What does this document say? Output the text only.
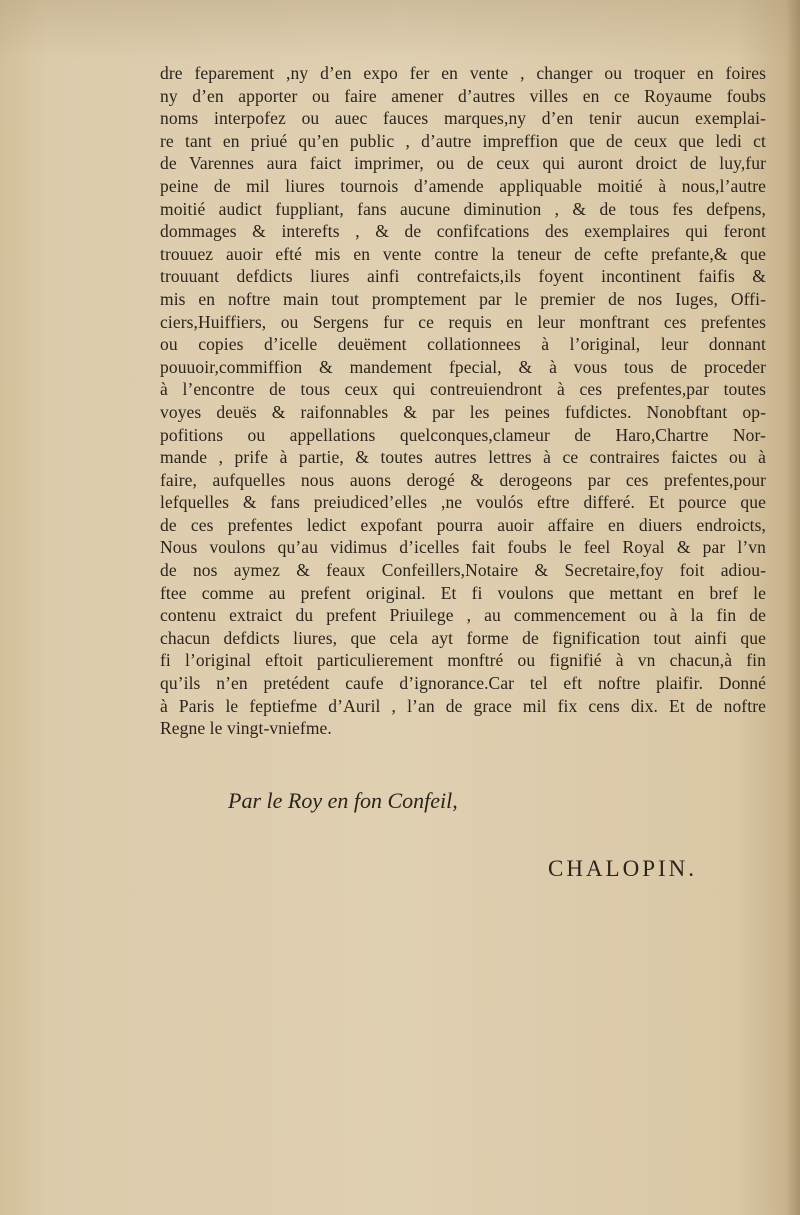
dre feparement ,ny d’en expo fer en vente , changer ou troquer en foires
ny d’en apporter ou faire amener d’autres villes en ce Royaume foubs
noms interpofez ou auec fauces marques,ny d’en tenir aucun exemplai-
re tant en priué qu’en public , d’autre impreffion que de ceux que ledi ct
de Varennes aura faict imprimer, ou de ceux qui auront droict de luy,fur
peine de mil liures tournois d’amende appliquable moitié à nous,l’autre
moitié audict fuppliant, fans aucune diminution , & de tous fes defpens,
dommages & interefts , & de confifcations des exemplaires qui feront
trouuez auoir efté mis en vente contre la teneur de cefte prefante,& que
trouuant defdicts liures ainfi contrefaicts,ils foyent incontinent faifis &
mis en noftre main tout promptement par le premier de nos Iuges, Offi-
ciers,Huiffiers, ou Sergens fur ce requis en leur monftrant ces prefentes
ou copies d’icelle deuëment collationnees à l’original, leur donnant
pouuoir,commiffion & mandement fpecial, & à vous tous de proceder
à l’encontre de tous ceux qui contreuiendront à ces prefentes,par toutes
voyes deuës & raifonnables & par les peines fufdictes. Nonobftant op-
pofitions ou appellations quelconques,clameur de Haro,Chartre Nor-
mande , prife à partie, & toutes autres lettres à ce contraires faictes ou à
faire, aufquelles nous auons derogé & derogeons par ces prefentes,pour
lefquelles & fans preiudiced’elles ,ne voulós eftre differé. Et pource que
de ces prefentes ledict expofant pourra auoir affaire en diuers endroicts,
Nous voulons qu’au vidimus d’icelles fait foubs le feel Royal & par l’vn
de nos aymez & feaux Confeillers,Notaire & Secretaire,foy foit adiou-
ftee comme au prefent original. Et fi voulons que mettant en bref le
contenu extraict du prefent Priuilege , au commencement ou à la fin de
chacun defdicts liures, que cela ayt forme de fignification tout ainfi que
fi l’original eftoit particulierement monftré ou fignifié à vn chacun,à fin
qu’ils n’en pretédent caufe d’ignorance.Car tel eft noftre plaifir. Donné
à Paris le feptiefme d’Auril , l’an de grace mil fix cens dix. Et de noftre
Regne le vingt-vniefme.
Par le Roy en fon Confeil,
CHALOPIN.
